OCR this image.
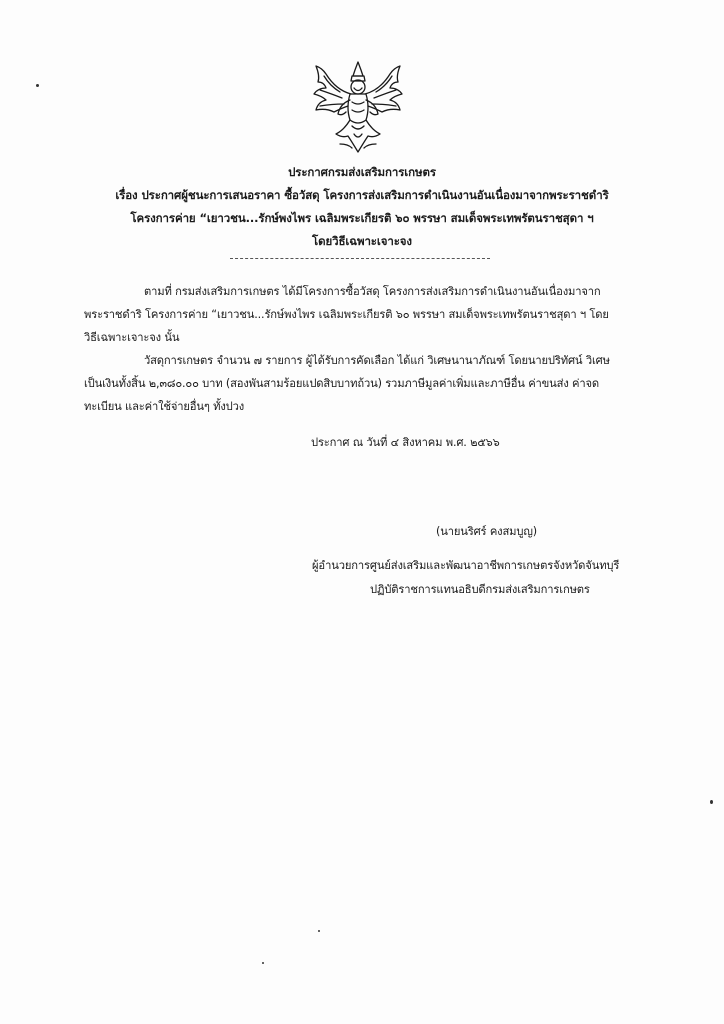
ประกาศกรมส่งเสริมการเกษตร
เรื่อง ประกาศผู้ชนะการเสนอราคา ซื้อวัสดุ โครงการส่งเสริมการดำเนินงานอันเนื่องมาจากพระราชดำริ
โครงการค่าย “เยาวชน...รักษ์พงไพร เฉลิมพระเกียรติ ๖๐ พรรษา สมเด็จพระเทพรัตนราชสุดา ฯ
โดยวิธีเฉพาะเจาะจง
ตามที่ กรมส่งเสริมการเกษตร ได้มีโครงการซื้อวัสดุ โครงการส่งเสริมการดำเนินงานอันเนื่องมาจาก
พระราชดำริ โครงการค่าย “เยาวชน...รักษ์พงไพร เฉลิมพระเกียรติ ๖๐ พรรษา สมเด็จพระเทพรัตนราชสุดา ฯ โดย
วิธีเฉพาะเจาะจง นั้น
วัสดุการเกษตร จำนวน ๗ รายการ ผู้ได้รับการคัดเลือก ได้แก่ วิเศษนานาภัณฑ์ โดยนายปริทัศน์ วิเศษ
เป็นเงินทั้งสิ้น ๒,๓๘๐.๐๐ บาท (สองพันสามร้อยแปดสิบบาทถ้วน) รวมภาษีมูลค่าเพิ่มและภาษีอื่น ค่าขนส่ง ค่าจด
ทะเบียน และค่าใช้จ่ายอื่นๆ ทั้งปวง
ประกาศ ณ วันที่ ๔ สิงหาคม พ.ศ. ๒๕๖๖
(นายนริศร์ คงสมบูญ)
ผู้อำนวยการศูนย์ส่งเสริมและพัฒนาอาชีพการเกษตรจังหวัดจันทบุรี
ปฏิบัติราชการแทนอธิบดีกรมส่งเสริมการเกษตร
